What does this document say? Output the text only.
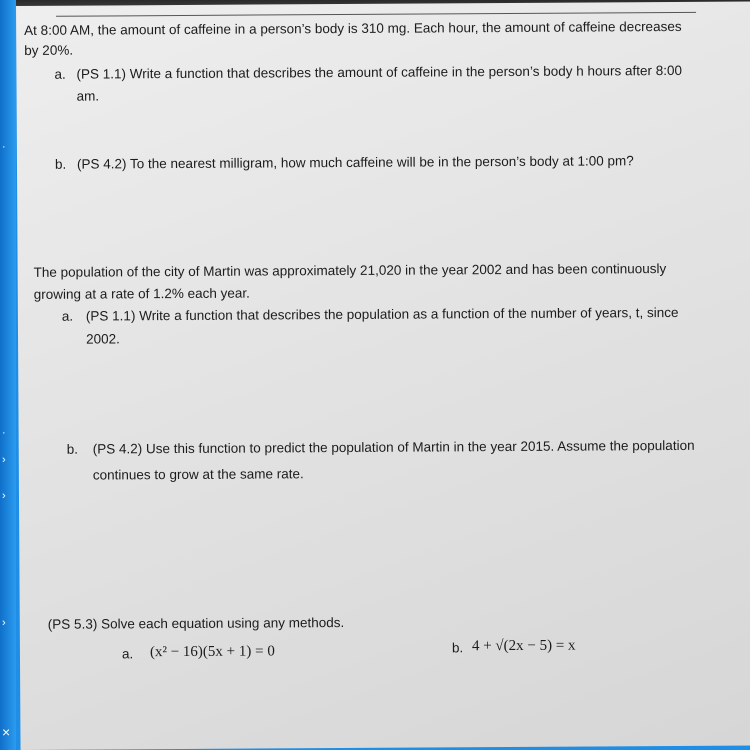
·
·
›
›
›
×
At 8:00 AM, the amount of caffeine in a person’s body is 310 mg. Each hour, the amount of caffeine decreases
by 20%.
a. (PS 1.1) Write a function that describes the amount of caffeine in the person’s body h hours after 8:00
am.
b. (PS 4.2) To the nearest milligram, how much caffeine will be in the person’s body at 1:00 pm?
The population of the city of Martin was approximately 21,020 in the year 2002 and has been continuously
growing at a rate of 1.2% each year.
a. (PS 1.1) Write a function that describes the population as a function of the number of years, t, since
2002.
b. (PS 4.2) Use this function to predict the population of Martin in the year 2015. Assume the population
continues to grow at the same rate.
(PS 5.3) Solve each equation using any methods.
a. (x² − 16)(5x + 1) = 0	b. 4 + √(2x − 5) = x
